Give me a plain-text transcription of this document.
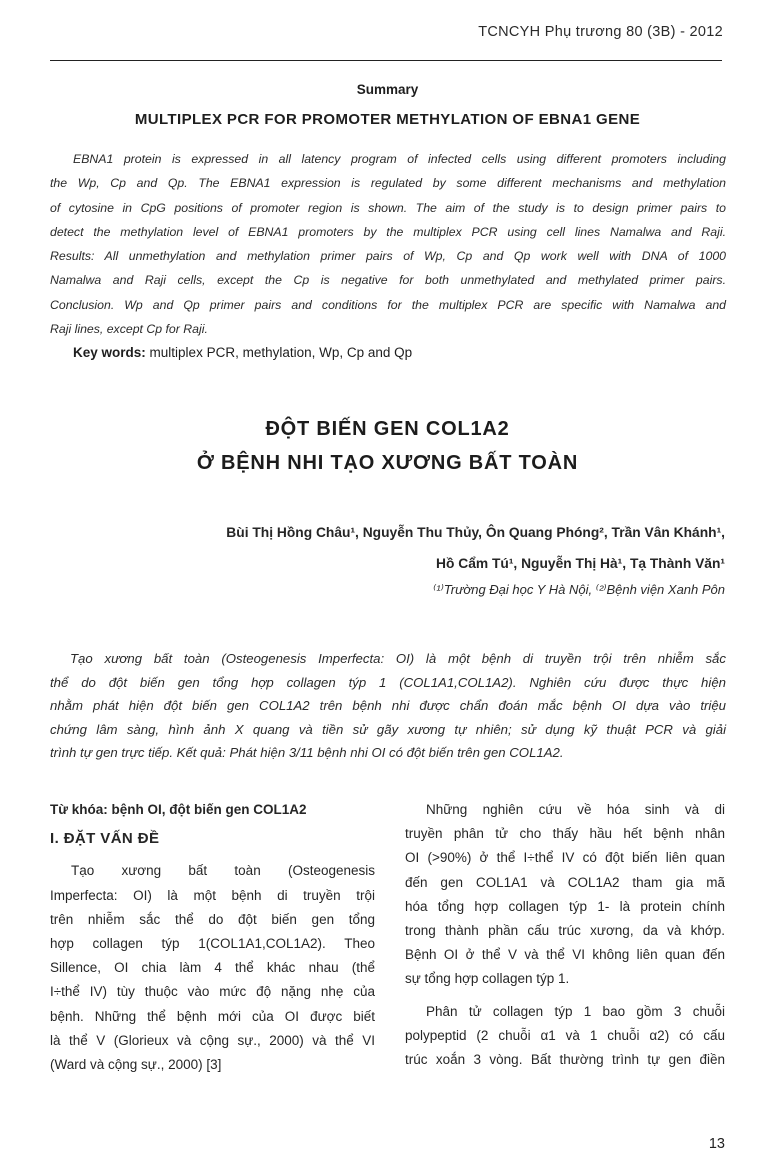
TCNCYH Phụ trương 80 (3B) - 2012
Summary
MULTIPLEX PCR FOR PROMOTER METHYLATION OF EBNA1 GENE
EBNA1 protein is expressed in all latency program of infected cells using different promoters including
the Wp, Cp and Qp. The EBNA1 expression is regulated by some different mechanisms and methylation
of cytosine in CpG positions of promoter region is shown. The aim of the study is to design primer pairs to
detect the methylation level of EBNA1 promoters by the multiplex PCR using cell lines Namalwa and Raji.
Results: All unmethylation and methylation primer pairs of Wp, Cp and Qp work well with DNA of 1000
Namalwa and Raji cells, except the Cp is negative for both unmethylated and methylated primer pairs.
Conclusion. Wp and Qp primer pairs and conditions for the multiplex PCR are specific with Namalwa and
Raji lines, except Cp for Raji.
Key words: multiplex PCR, methylation, Wp, Cp and Qp
ĐỘT BIẾN GEN COL1A2
Ở BỆNH NHI TẠO XƯƠNG BẤT TOÀN
Bùi Thị Hồng Châu¹, Nguyễn Thu Thủy, Ôn Quang Phóng², Trần Vân Khánh¹,
Hồ Cẩm Tú¹, Nguyễn Thị Hà¹, Tạ Thành Văn¹
⁽¹⁾Trường Đại học Y Hà Nội, ⁽²⁾Bệnh viện Xanh Pôn
Tạo xương bất toàn (Osteogenesis Imperfecta: OI) là một bệnh di truyền trội trên nhiễm sắc
thể do đột biến gen tổng hợp collagen týp 1 (COL1A1,COL1A2). Nghiên cứu được thực hiện
nhằm phát hiện đột biến gen COL1A2 trên bệnh nhi được chẩn đoán mắc bệnh OI dựa vào triệu
chứng lâm sàng, hình ảnh X quang và tiền sử gãy xương tự nhiên; sử dụng kỹ thuật PCR và giải
trình tự gen trực tiếp. Kết quả: Phát hiện 3/11 bệnh nhi OI có đột biến trên gen COL1A2.
Từ khóa: bệnh OI, đột biến gen COL1A2
I. ĐẶT VẤN ĐỀ
Tạo xương bất toàn (Osteogenesis
Imperfecta: OI) là một bệnh di truyền trội
trên nhiễm sắc thể do đột biến gen tổng
hợp collagen týp 1(COL1A1,COL1A2). Theo
Sillence, OI chia làm 4 thể khác nhau (thể
I÷thể IV) tùy thuộc vào mức độ nặng nhẹ của
bệnh. Những thể bệnh mới của OI được biết
là thể V (Glorieux và cộng sự., 2000) và thể VI
(Ward và cộng sự., 2000) [3]
Những nghiên cứu về hóa sinh và di
truyền phân tử cho thấy hầu hết bệnh nhân
OI (>90%) ở thể I÷thể IV có đột biến liên quan
đến gen COL1A1 và COL1A2 tham gia mã
hóa tổng hợp collagen týp 1- là protein chính
trong thành phần cấu trúc xương, da và khớp.
Bệnh OI ở thể V và thể VI không liên quan đến
sự tổng hợp collagen týp 1.
Phân tử collagen týp 1 bao gồm 3 chuỗi
polypeptid (2 chuỗi α1 và 1 chuỗi α2) có cấu
trúc xoắn 3 vòng. Bất thường trình tự gen điền
13
